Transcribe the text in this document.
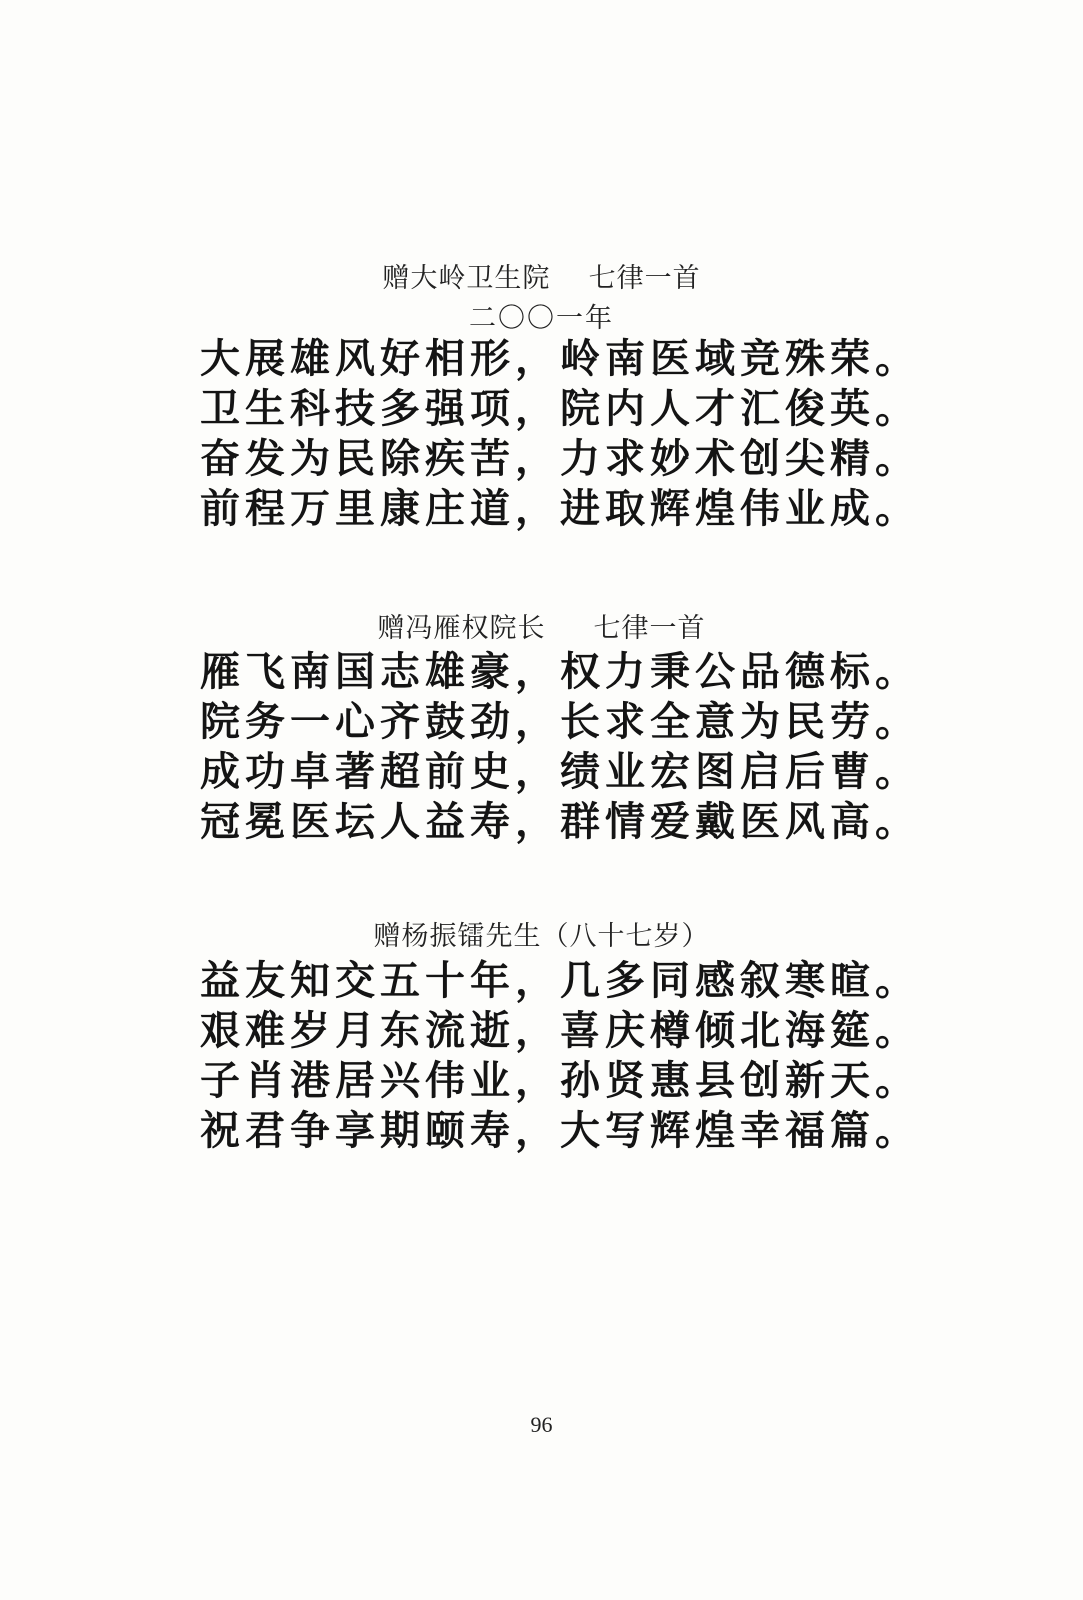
赠大岭卫生院    七律一首
二〇〇一年
大展雄风好相形，岭南医域竞殊荣。
卫生科技多强项，院内人才汇俊英。
奋发为民除疾苦，力求妙术创尖精。
前程万里康庄道，进取辉煌伟业成。
赠冯雁权院长     七律一首
雁飞南国志雄豪，权力秉公品德标。
院务一心齐鼓劲，长求全意为民劳。
成功卓著超前史，绩业宏图启后曹。
冠冕医坛人益寿，群情爱戴医风高。
赠杨振镭先生（八十七岁）
益友知交五十年，几多同感叙寒暄。
艰难岁月东流逝，喜庆樽倾北海筵。
子肖港居兴伟业，孙贤惠县创新天。
祝君争享期颐寿，大写辉煌幸福篇。
96
